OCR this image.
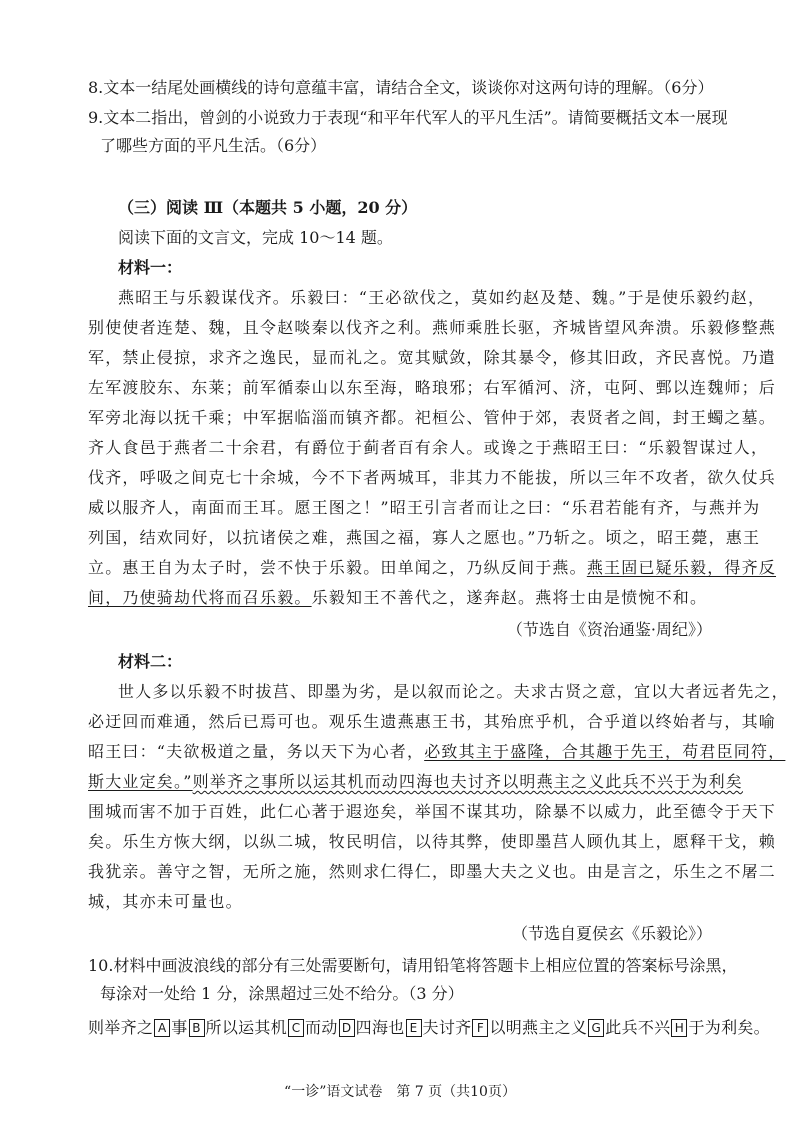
8.文本一结尾处画横线的诗句意蕴丰富，请结合全文，谈谈你对这两句诗的理解。（6分）
9.文本二指出，曾剑的小说致力于表现“和平年代军人的平凡生活”。请简要概括文本一展现
了哪些方面的平凡生活。（6分）
（三）阅读 Ⅲ（本题共 5 小题，20 分）
阅读下面的文言文，完成 10～14 题。
材料一：
燕昭王与乐毅谋伐齐。乐毅曰：“王必欲伐之，莫如约赵及楚、魏。”于是使乐毅约赵，
别使使者连楚、魏，且令赵啖秦以伐齐之利。燕师乘胜长驱，齐城皆望风奔溃。乐毅修整燕
军，禁止侵掠，求齐之逸民，显而礼之。宽其赋敛，除其暴令，修其旧政，齐民喜悦。乃遣
左军渡胶东、东莱；前军循泰山以东至海，略琅邪；右军循河、济，屯阿、鄄以连魏师；后
军旁北海以抚千乘；中军据临淄而镇齐都。祀桓公、管仲于郊，表贤者之闾，封王蠋之墓。
齐人食邑于燕者二十余君，有爵位于蓟者百有余人。或谗之于燕昭王曰：“乐毅智谋过人，
伐齐，呼吸之间克七十余城，今不下者两城耳，非其力不能拔，所以三年不攻者，欲久仗兵
威以服齐人，南面而王耳。愿王图之！”昭王引言者而让之曰：“乐君若能有齐，与燕并为
列国，结欢同好，以抗诸侯之难，燕国之福，寡人之愿也。”乃斩之。顷之，昭王薨，惠王
立。惠王自为太子时，尝不快于乐毅。田单闻之，乃纵反间于燕。燕王固已疑乐毅，得齐反
间，乃使骑劫代将而召乐毅。乐毅知王不善代之，遂奔赵。燕将士由是愤惋不和。
（节选自《资治通鉴·周纪》）
材料二：
世人多以乐毅不时拔莒、即墨为劣，是以叙而论之。夫求古贤之意，宜以大者远者先之，
必迂回而难通，然后已焉可也。观乐生遗燕惠王书，其殆庶乎机，合乎道以终始者与，其喻
昭王曰：“夫欲极道之量，务以天下为心者，必致其主于盛隆，合其趣于先王，苟君臣同符，
斯大业定矣。”则举齐之事所以运其机而动四海也夫讨齐以明燕主之义此兵不兴于为利矣
围城而害不加于百姓，此仁心著于遐迩矣，举国不谋其功，除暴不以威力，此至德令于天下
矣。乐生方恢大纲，以纵二城，牧民明信，以待其弊，使即墨莒人顾仇其上，愿释干戈，赖
我犹亲。善守之智，无所之施，然则求仁得仁，即墨大夫之义也。由是言之，乐生之不屠二
城，其亦未可量也。
（节选自夏侯玄《乐毅论》）
10.材料中画波浪线的部分有三处需要断句，请用铅笔将答题卡上相应位置的答案标号涂黑，
每涂对一处给 1 分，涂黑超过三处不给分。（3 分）
则举齐之 A 事 B 所以运其机 C 而动 D 四海也 E 夫讨齐 F 以明燕主之义 G 此兵不兴 H 于为利矣。
“一诊”语文试卷　第 7 页（共10页）
